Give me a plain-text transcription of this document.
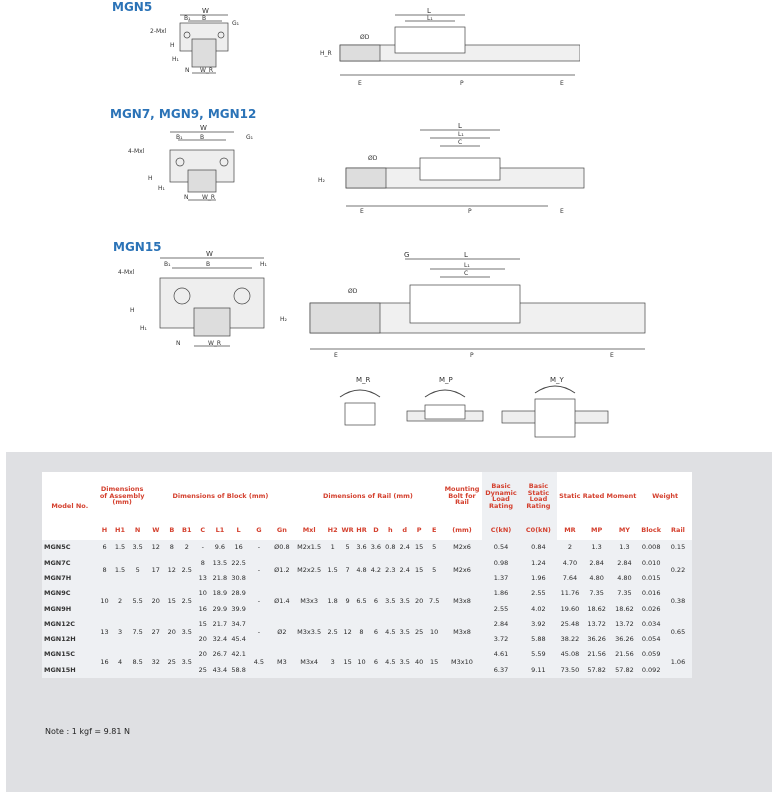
MGN5
MGN7, MGN9, MGN12
MGN15
W
B₁ B
G₁
2-Mxl
H
H₁
N W_R
L
L₁
ØD
H_R
E	P	E
W
B₁	B	G₁
4-Mxl
H
H₁
N W_R
L
L₁
C
ØD
H₂
E	P	E
W
B₁	B	H₁
4-Mxl
H
H₁
N	W_R
G	L
L₁
C
ØD
H₂
E	P	E
M_R	M_P	M_Y
Model No.	Dimensions of Assembly (mm)			Dimensions of Block (mm)								Dimensions of Rail (mm)									Mounting Bolt for Rail	Basic Dynamic Load Rating	Basic Static Load Rating	Static Rated Moment			Weight	
	H	H1	N	W	B	B1	C	L1	L	G	Gn	Mxl	H2	WR	HR	D	h	d	P	E	(mm)	C(kN)	C0(kN)	MR	MP	MY	Block	Rail
MGN5C	6	1.5	3.5	12	8	2	-	9.6	16	-	Ø0.8	M2x1.5	1	5	3.6	3.6	0.8	2.4	15	5	M2x6	0.54	0.84	2	1.3	1.3	0.008	0.15
MGN7C	8	1.5	5	17	12	2.5	8	13.5	22.5	-	Ø1.2	M2x2.5	1.5	7	4.8	4.2	2.3	2.4	15	5	M2x6	0.98	1.24	4.70	2.84	2.84	0.010	0.22
MGN7H							13	21.8	30.8													1.37	1.96	7.64	4.80	4.80	0.015	
MGN9C	10	2	5.5	20	15	2.5	10	18.9	28.9	-	Ø1.4	M3x3	1.8	9	6.5	6	3.5	3.5	20	7.5	M3x8	1.86	2.55	11.76	7.35	7.35	0.016	0.38
MGN9H							16	29.9	39.9													2.55	4.02	19.60	18.62	18.62	0.026	
MGN12C	13	3	7.5	27	20	3.5	15	21.7	34.7	-	Ø2	M3x3.5	2.5	12	8	6	4.5	3.5	25	10	M3x8	2.84	3.92	25.48	13.72	13.72	0.034	0.65
MGN12H							20	32.4	45.4													3.72	5.88	38.22	36.26	36.26	0.054	
MGN15C	16	4	8.5	32	25	3.5	20	26.7	42.1	4.5	M3	M3x4	3	15	10	6	4.5	3.5	40	15	M3x10	4.61	5.59	45.08	21.56	21.56	0.059	1.06
MGN15H							25	43.4	58.8													6.37	9.11	73.50	57.82	57.82	0.092	
Note : 1 kgf = 9.81 N
